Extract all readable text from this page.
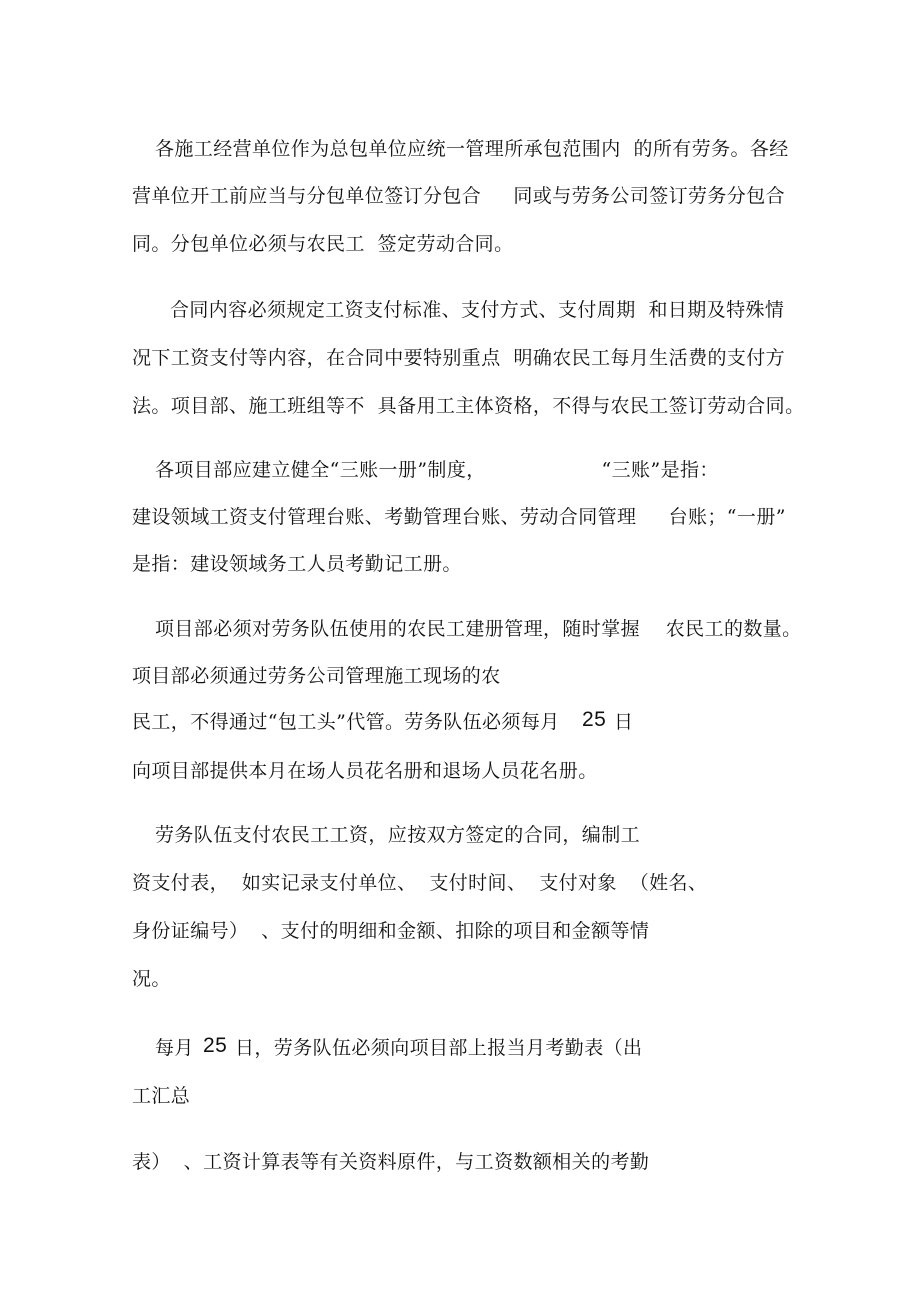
各施工经营单位作为总包单位应统一管理所承包范围内  的所有劳务。各经
营单位开工前应当与分包单位签订分包合     同或与劳务公司签订劳务分包合
同。分包单位必须与农民工  签定劳动合同。
合同内容必须规定工资支付标准、支付方式、支付周期  和日期及特殊情
况下工资支付等内容，在合同中要特别重点  明确农民工每月生活费的支付方
法。项目部、施工班组等不  具备用工主体资格，不得与农民工签订劳动合同。
各项目部应建立健全“三账一册”制度，                  “三账”是指：
建设领域工资支付管理台账、考勤管理台账、劳动合同管理     台账；“一册”
是指：建设领域务工人员考勤记工册。
项目部必须对劳务队伍使用的农民工建册管理，随时掌握    农民工的数量。
项目部必须通过劳务公司管理施工现场的农
民工，不得通过“包工头”代管。劳务队伍必须每月 25 日
向项目部提供本月在场人员花名册和退场人员花名册。
劳务队伍支付农民工工资，应按双方签定的合同，编制工
资支付表，  如实记录支付单位、  支付时间、  支付对象  （姓名、
身份证编号）  、支付的明细和金额、扣除的项目和金额等情
况。
每月 25 日，劳务队伍必须向项目部上报当月考勤表（出
工汇总
表）  、工资计算表等有关资料原件，与工资数额相关的考勤
